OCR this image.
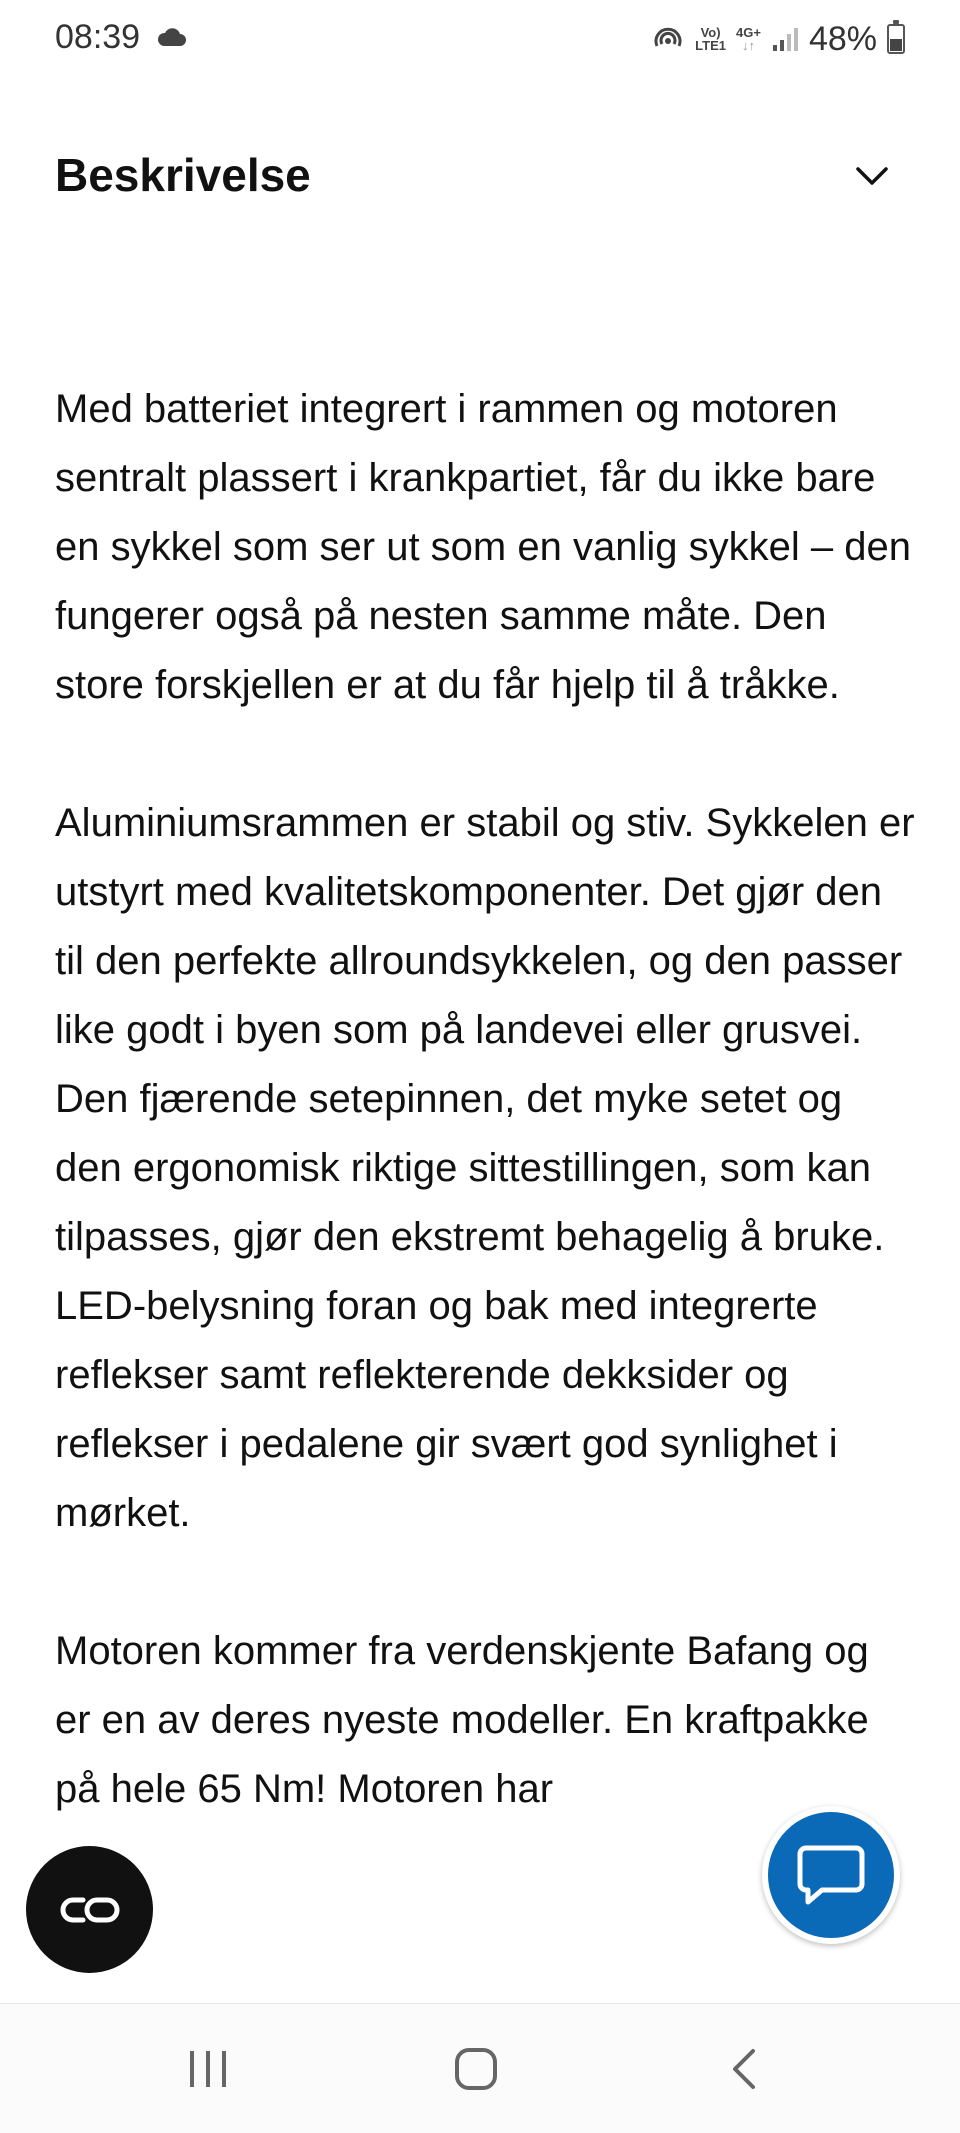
08:39	Vo)
LTE1
4G+
↓↑ 48%
Beskrivelse

Med batteriet integrert i rammen og motoren sentralt plassert i krankpartiet, får du ikke bare en sykkel som ser ut som en vanlig sykkel – den fungerer også på nesten samme måte. Den store forskjellen er at du får hjelp til å tråkke.

Aluminiumsrammen er stabil og stiv. Sykkelen er utstyrt med kvalitetskomponenter. Det gjør den til den perfekte allroundsykkelen, og den passer like godt i byen som på landevei eller grusvei. Den fjærende setepinnen, det myke setet og den ergonomisk riktige sittestillingen, som kan tilpasses, gjør den ekstremt behagelig å bruke. LED-belysning foran og bak med integrerte reflekser samt reflekterende dekksider og reflekser i pedalene gir svært god synlighet i mørket.

Motoren kommer fra verdenskjente Bafang og er en av deres nyeste modeller. En kraftpakke på hele 65 Nm! Motoren har
